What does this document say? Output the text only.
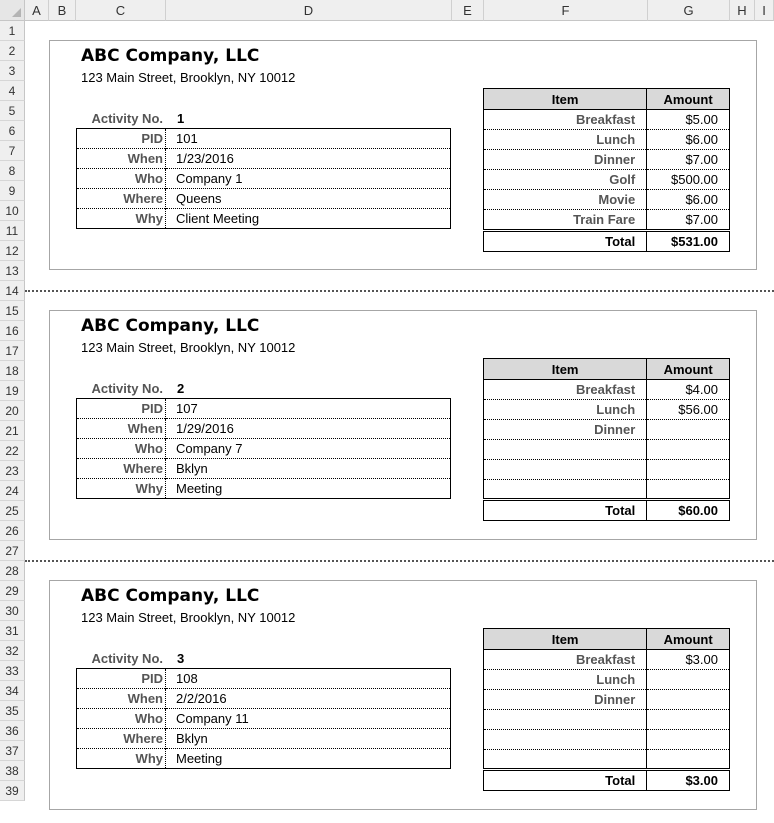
A	B	C	D	E	F	G	H	I
1
2
3
4
5
6
7
8
9
10
11
12
13
14
15
16
17
18
19
20
21
22
23
24
25
26
27
28
29
30
31
32
33
34
35
36
37
38
39
ABC Company, LLC
123 Main Street, Brooklyn, NY 10012
Activity No. 1
PID	101
When	1/23/2016
Who	Company 1
Where	Queens
Why	Client Meeting
Item	Amount
Breakfast	$5.00
Lunch	$6.00
Dinner	$7.00
Golf	$500.00
Movie	$6.00
Train Fare	$7.00
Total	$531.00
ABC Company, LLC
123 Main Street, Brooklyn, NY 10012
Activity No. 2
PID	107
When	1/29/2016
Who	Company 7
Where	Bklyn
Why	Meeting
Item	Amount
Breakfast	$4.00
Lunch	$56.00
Dinner	

Total	$60.00
ABC Company, LLC
123 Main Street, Brooklyn, NY 10012
Activity No. 3
PID	108
When	2/2/2016
Who	Company 11
Where	Bklyn
Why	Meeting
Item	Amount
Breakfast	$3.00
Lunch	
Dinner	

Total	$3.00
